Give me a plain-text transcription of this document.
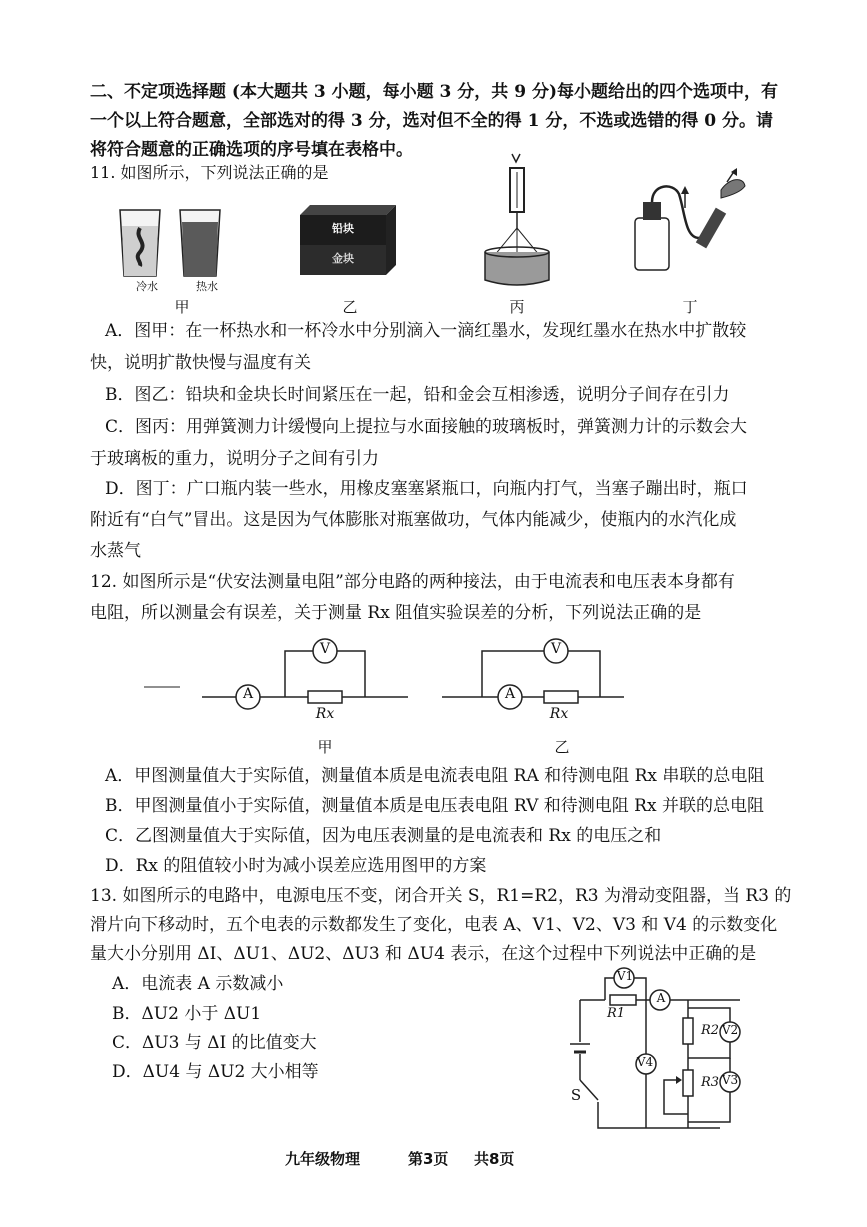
二、不定项选择题 (本大题共 3 小题，每小题 3 分，共 9 分)每小题给出的四个选项中，有
一个以上符合题意，全部选对的得 3 分，选对但不全的得 1 分，不选或选错的得 0 分。请
将符合题意的正确选项的序号填在表格中。
11. 如图所示，下列说法正确的是
冷水	热水
甲
铅块
金块
乙	丙	丁
A．图甲：在一杯热水和一杯冷水中分别滴入一滴红墨水，发现红墨水在热水中扩散较
快，说明扩散快慢与温度有关
B．图乙：铅块和金块长时间紧压在一起，铅和金会互相渗透，说明分子间存在引力
C．图丙：用弹簧测力计缓慢向上提拉与水面接触的玻璃板时，弹簧测力计的示数会大
于玻璃板的重力，说明分子之间有引力
D．图丁：广口瓶内装一些水，用橡皮塞塞紧瓶口，向瓶内打气，当塞子蹦出时，瓶口
附近有“白气”冒出。这是因为气体膨胀对瓶塞做功，气体内能减少，使瓶内的水汽化成
水蒸气
12. 如图所示是“伏安法测量电阻”部分电路的两种接法，由于电流表和电压表本身都有
电阻，所以测量会有误差，关于测量 Rx 阻值实验误差的分析，下列说法正确的是
A
V
Rx
甲
A
V
Rx
乙
A．甲图测量值大于实际值，测量值本质是电流表电阻 RA 和待测电阻 Rx 串联的总电阻
B．甲图测量值小于实际值，测量值本质是电压表电阻 RV 和待测电阻 Rx 并联的总电阻
C．乙图测量值大于实际值，因为电压表测量的是电流表和 Rx 的电压之和
D．Rx 的阻值较小时为减小误差应选用图甲的方案
13. 如图所示的电路中，电源电压不变，闭合开关 S，R1=R2，R3 为滑动变阻器，当 R3 的
滑片向下移动时，五个电表的示数都发生了变化，电表 A、V1、V2、V3 和 V4 的示数变化
量大小分别用 ΔI、ΔU1、ΔU2、ΔU3 和 ΔU4 表示，在这个过程中下列说法中正确的是
A．电流表 A 示数减小
B．ΔU2 小于 ΔU1
C．ΔU3 与 ΔI 的比值变大
D．ΔU4 与 ΔU2 大小相等
V1
A
R1
V4
R2 V2
R3 V3
S
九年级物理	第3页 共8页
